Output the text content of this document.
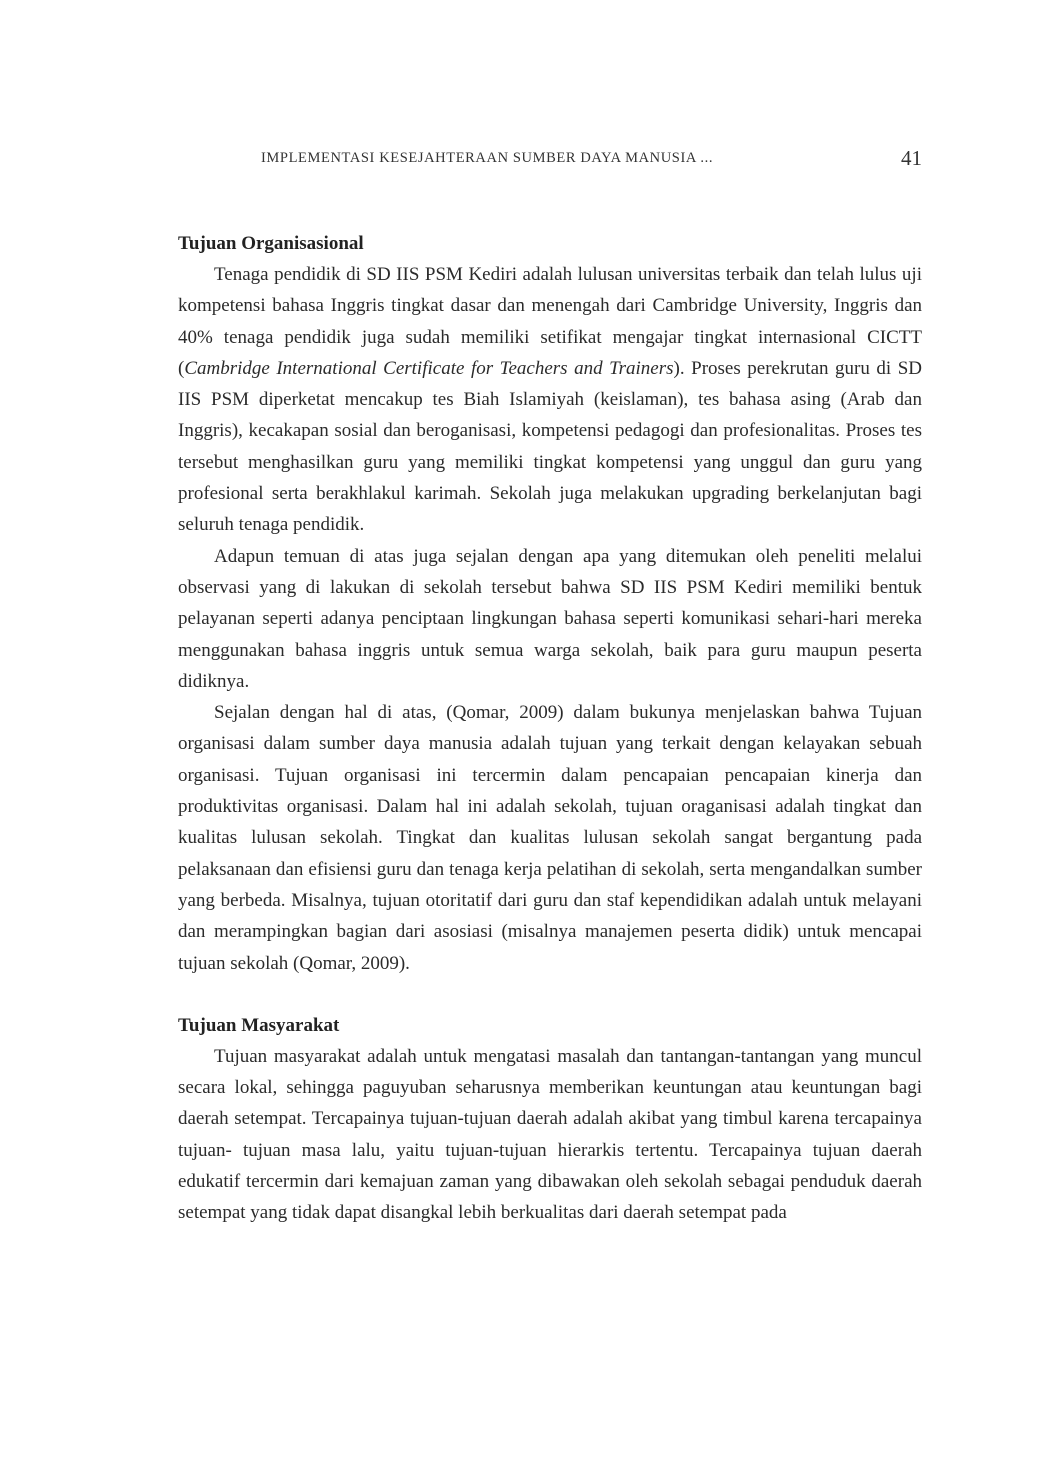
IMPLEMENTASI KESEJAHTERAAN SUMBER DAYA MANUSIA ...	41
Tujuan Organisasional

Tenaga pendidik di SD IIS PSM Kediri adalah lulusan universitas terbaik dan telah lulus uji kompetensi bahasa Inggris tingkat dasar dan menengah dari Cambridge University, Inggris dan 40% tenaga pendidik juga sudah memiliki setifikat mengajar tingkat internasional CICTT (Cambridge International Certificate for Teachers and Trainers). Proses perekrutan guru di SD IIS PSM diperketat mencakup tes Biah Islamiyah (keislaman), tes bahasa asing (Arab dan Inggris), kecakapan sosial dan beroganisasi, kompetensi pedagogi dan profesionalitas. Proses tes tersebut menghasilkan guru yang memiliki tingkat kompetensi yang unggul dan guru yang profesional serta berakhlakul karimah. Sekolah juga melakukan upgrading berkelanjutan bagi seluruh tenaga pendidik.

Adapun temuan di atas juga sejalan dengan apa yang ditemukan oleh peneliti melalui observasi yang di lakukan di sekolah tersebut bahwa SD IIS PSM Kediri memiliki bentuk pelayanan seperti adanya penciptaan lingkungan bahasa seperti komunikasi sehari-hari mereka menggunakan bahasa inggris untuk semua warga sekolah, baik para guru maupun peserta didiknya.

Sejalan dengan hal di atas, (Qomar, 2009) dalam bukunya menjelaskan bahwa Tujuan organisasi dalam sumber daya manusia adalah tujuan yang terkait dengan kelayakan sebuah organisasi. Tujuan organisasi ini tercermin dalam pencapaian pencapaian kinerja dan produktivitas organisasi. Dalam hal ini adalah sekolah, tujuan oraganisasi adalah tingkat dan kualitas lulusan sekolah. Tingkat dan kualitas lulusan sekolah sangat bergantung pada pelaksanaan dan efisiensi guru dan tenaga kerja pelatihan di sekolah, serta mengandalkan sumber yang berbeda. Misalnya, tujuan otoritatif dari guru dan staf kependidikan adalah untuk melayani dan merampingkan bagian dari asosiasi (misalnya manajemen peserta didik) untuk mencapai tujuan sekolah (Qomar, 2009).

Tujuan Masyarakat

Tujuan masyarakat adalah untuk mengatasi masalah dan tantangan-tantangan yang muncul secara lokal, sehingga paguyuban seharusnya memberikan keuntungan atau keuntungan bagi daerah setempat. Tercapainya tujuan-tujuan daerah adalah akibat yang timbul karena tercapainya tujuan- tujuan masa lalu, yaitu tujuan-tujuan hierarkis tertentu. Tercapainya tujuan daerah edukatif tercermin dari kemajuan zaman yang dibawakan oleh sekolah sebagai penduduk daerah setempat yang tidak dapat disangkal lebih berkualitas dari daerah setempat pada
